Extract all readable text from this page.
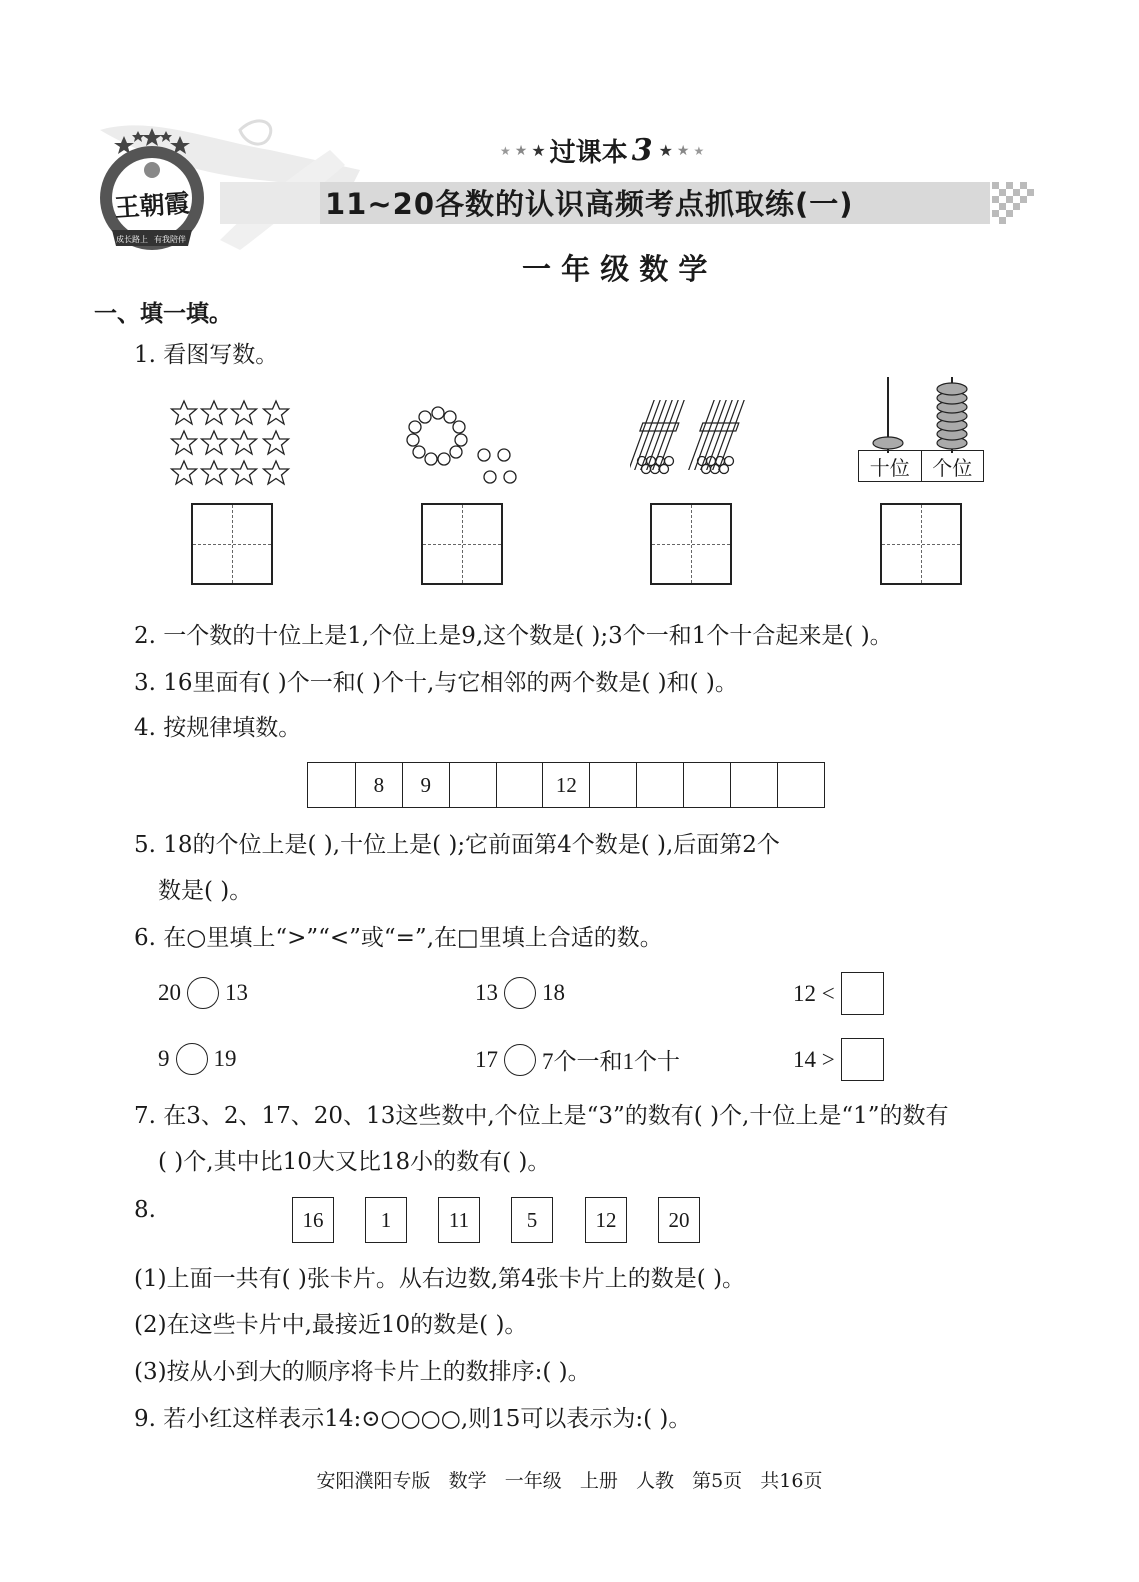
王朝霞
成长路上 有我陪伴
★ ★ ★ 过课本 3 ★ ★ ★
11~20各数的认识高频考点抓取练(一)
一 年 级 数 学
一、填一填。
1. 看图写数。
十位	个位
2. 一个数的十位上是1,个位上是9,这个数是( );3个一和1个十合起来是( )。
3. 16里面有( )个一和( )个十,与它相邻的两个数是( )和( )。
4. 按规律填数。
8	9	12
5. 18的个位上是( ),十位上是( );它前面第4个数是( ),后面第2个
数是( )。
6. 在○里填上“>”“<”或“=”,在□里填上合适的数。
20 13	13 18	12 <
9 19	17 7个一和1个十	14 >
7. 在3、2、17、20、13这些数中,个位上是“3”的数有( )个,十位上是“1”的数有
( )个,其中比10大又比18小的数有( )。
8.	16	1	11	5	12	20
(1)上面一共有( )张卡片。从右边数,第4张卡片上的数是( )。
(2)在这些卡片中,最接近10的数是( )。
(3)按从小到大的顺序将卡片上的数排序:( )。
9. 若小红这样表示14:⊙○○○○,则15可以表示为:( )。
安阳濮阳专版   数学   一年级   上册   人教   第5页   共16页
